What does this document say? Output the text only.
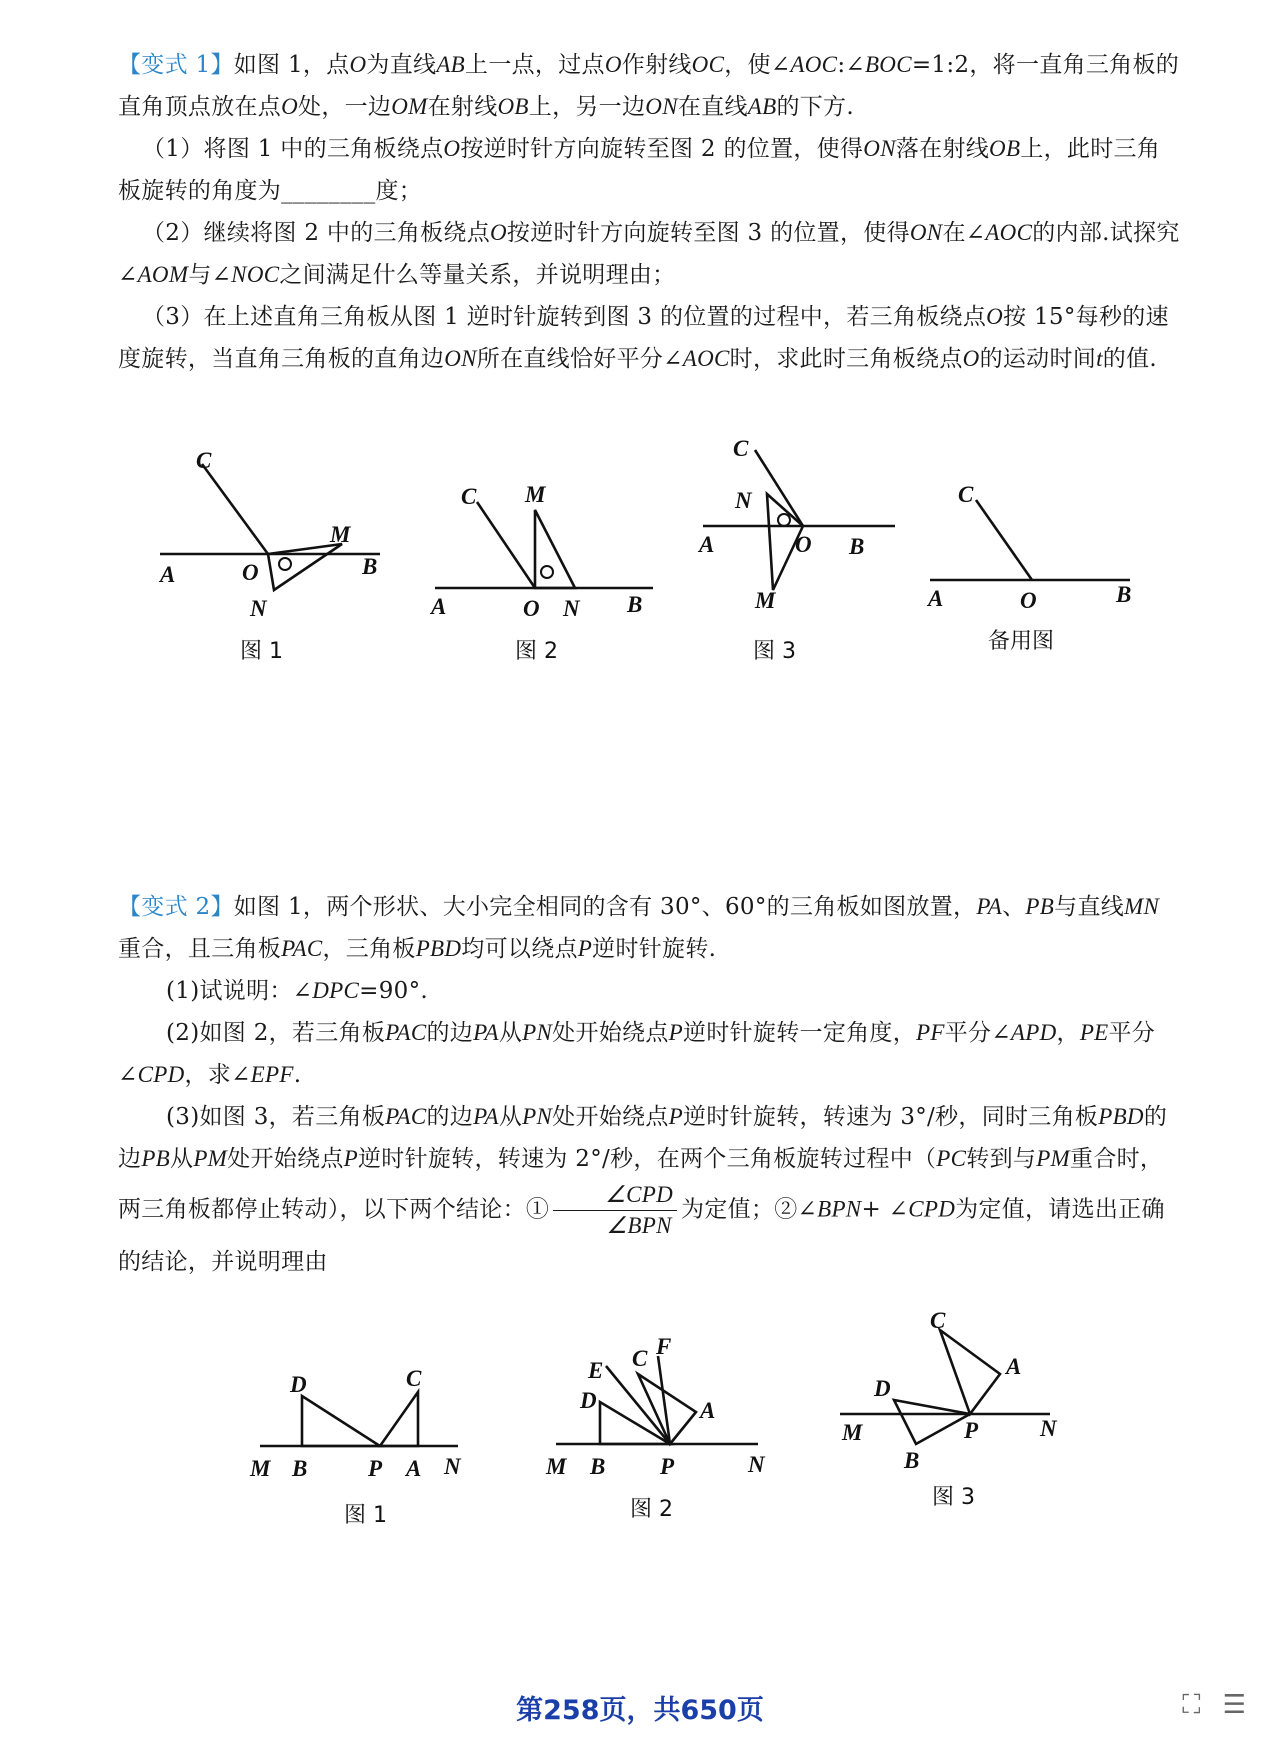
【变式 1】如图 1，点O为直线AB上一点，过点O作射线OC，使∠AOC:∠BOC=1:2，将一直角三角板的直角顶点放在点O处，一边OM在射线OB上，另一边ON在直线AB的下方.
（1）将图 1 中的三角板绕点O按逆时针方向旋转至图 2 的位置，使得ON落在射线OB上，此时三角板旋转的角度为________度；
（2）继续将图 2 中的三角板绕点O按逆时针方向旋转至图 3 的位置，使得ON在∠AOC的内部.试探究∠AOM与∠NOC之间满足什么等量关系，并说明理由；
（3）在上述直角三角板从图 1 逆时针旋转到图 3 的位置的过程中，若三角板绕点O按 15°每秒的速度旋转，当直角三角板的直角边ON所在直线恰好平分∠AOC时，求此时三角板绕点O的运动时间t的值.
C
A	O
M
B
N
图 1
C M
A	O N B
图 2
C
N
A	O B
M
图 3
C
A	O	B
备用图
【变式 2】如图 1，两个形状、大小完全相同的含有 30°、60°的三角板如图放置，PA、PB与直线MN重合，且三角板PAC，三角板PBD均可以绕点P逆时针旋转.
(1)试说明：∠DPC=90°.
(2)如图 2，若三角板PAC的边PA从PN处开始绕点P逆时针旋转一定角度，PF平分∠APD，PE平分∠CPD，求∠EPF.
(3)如图 3，若三角板PAC的边PA从PN处开始绕点P逆时针旋转，转速为 3°/秒，同时三角板PBD的边PB从PM处开始绕点P逆时针旋转，转速为 2°/秒，在两个三角板旋转过程中（PC转到与PM重合时，两三角板都停止转动），以下两个结论：① $\frac{\text{∠CPD}}{\text{∠BPN}}$ 为定值；②∠BPN+ ∠CPD为定值，请选出正确的结论，并说明理由
D	C
M B	P A N
图 1
E C F
D	A
M B P	N
图 2
C
D
A
M	P	N
B
图 3
第258页，共650页	⛶ ☰
